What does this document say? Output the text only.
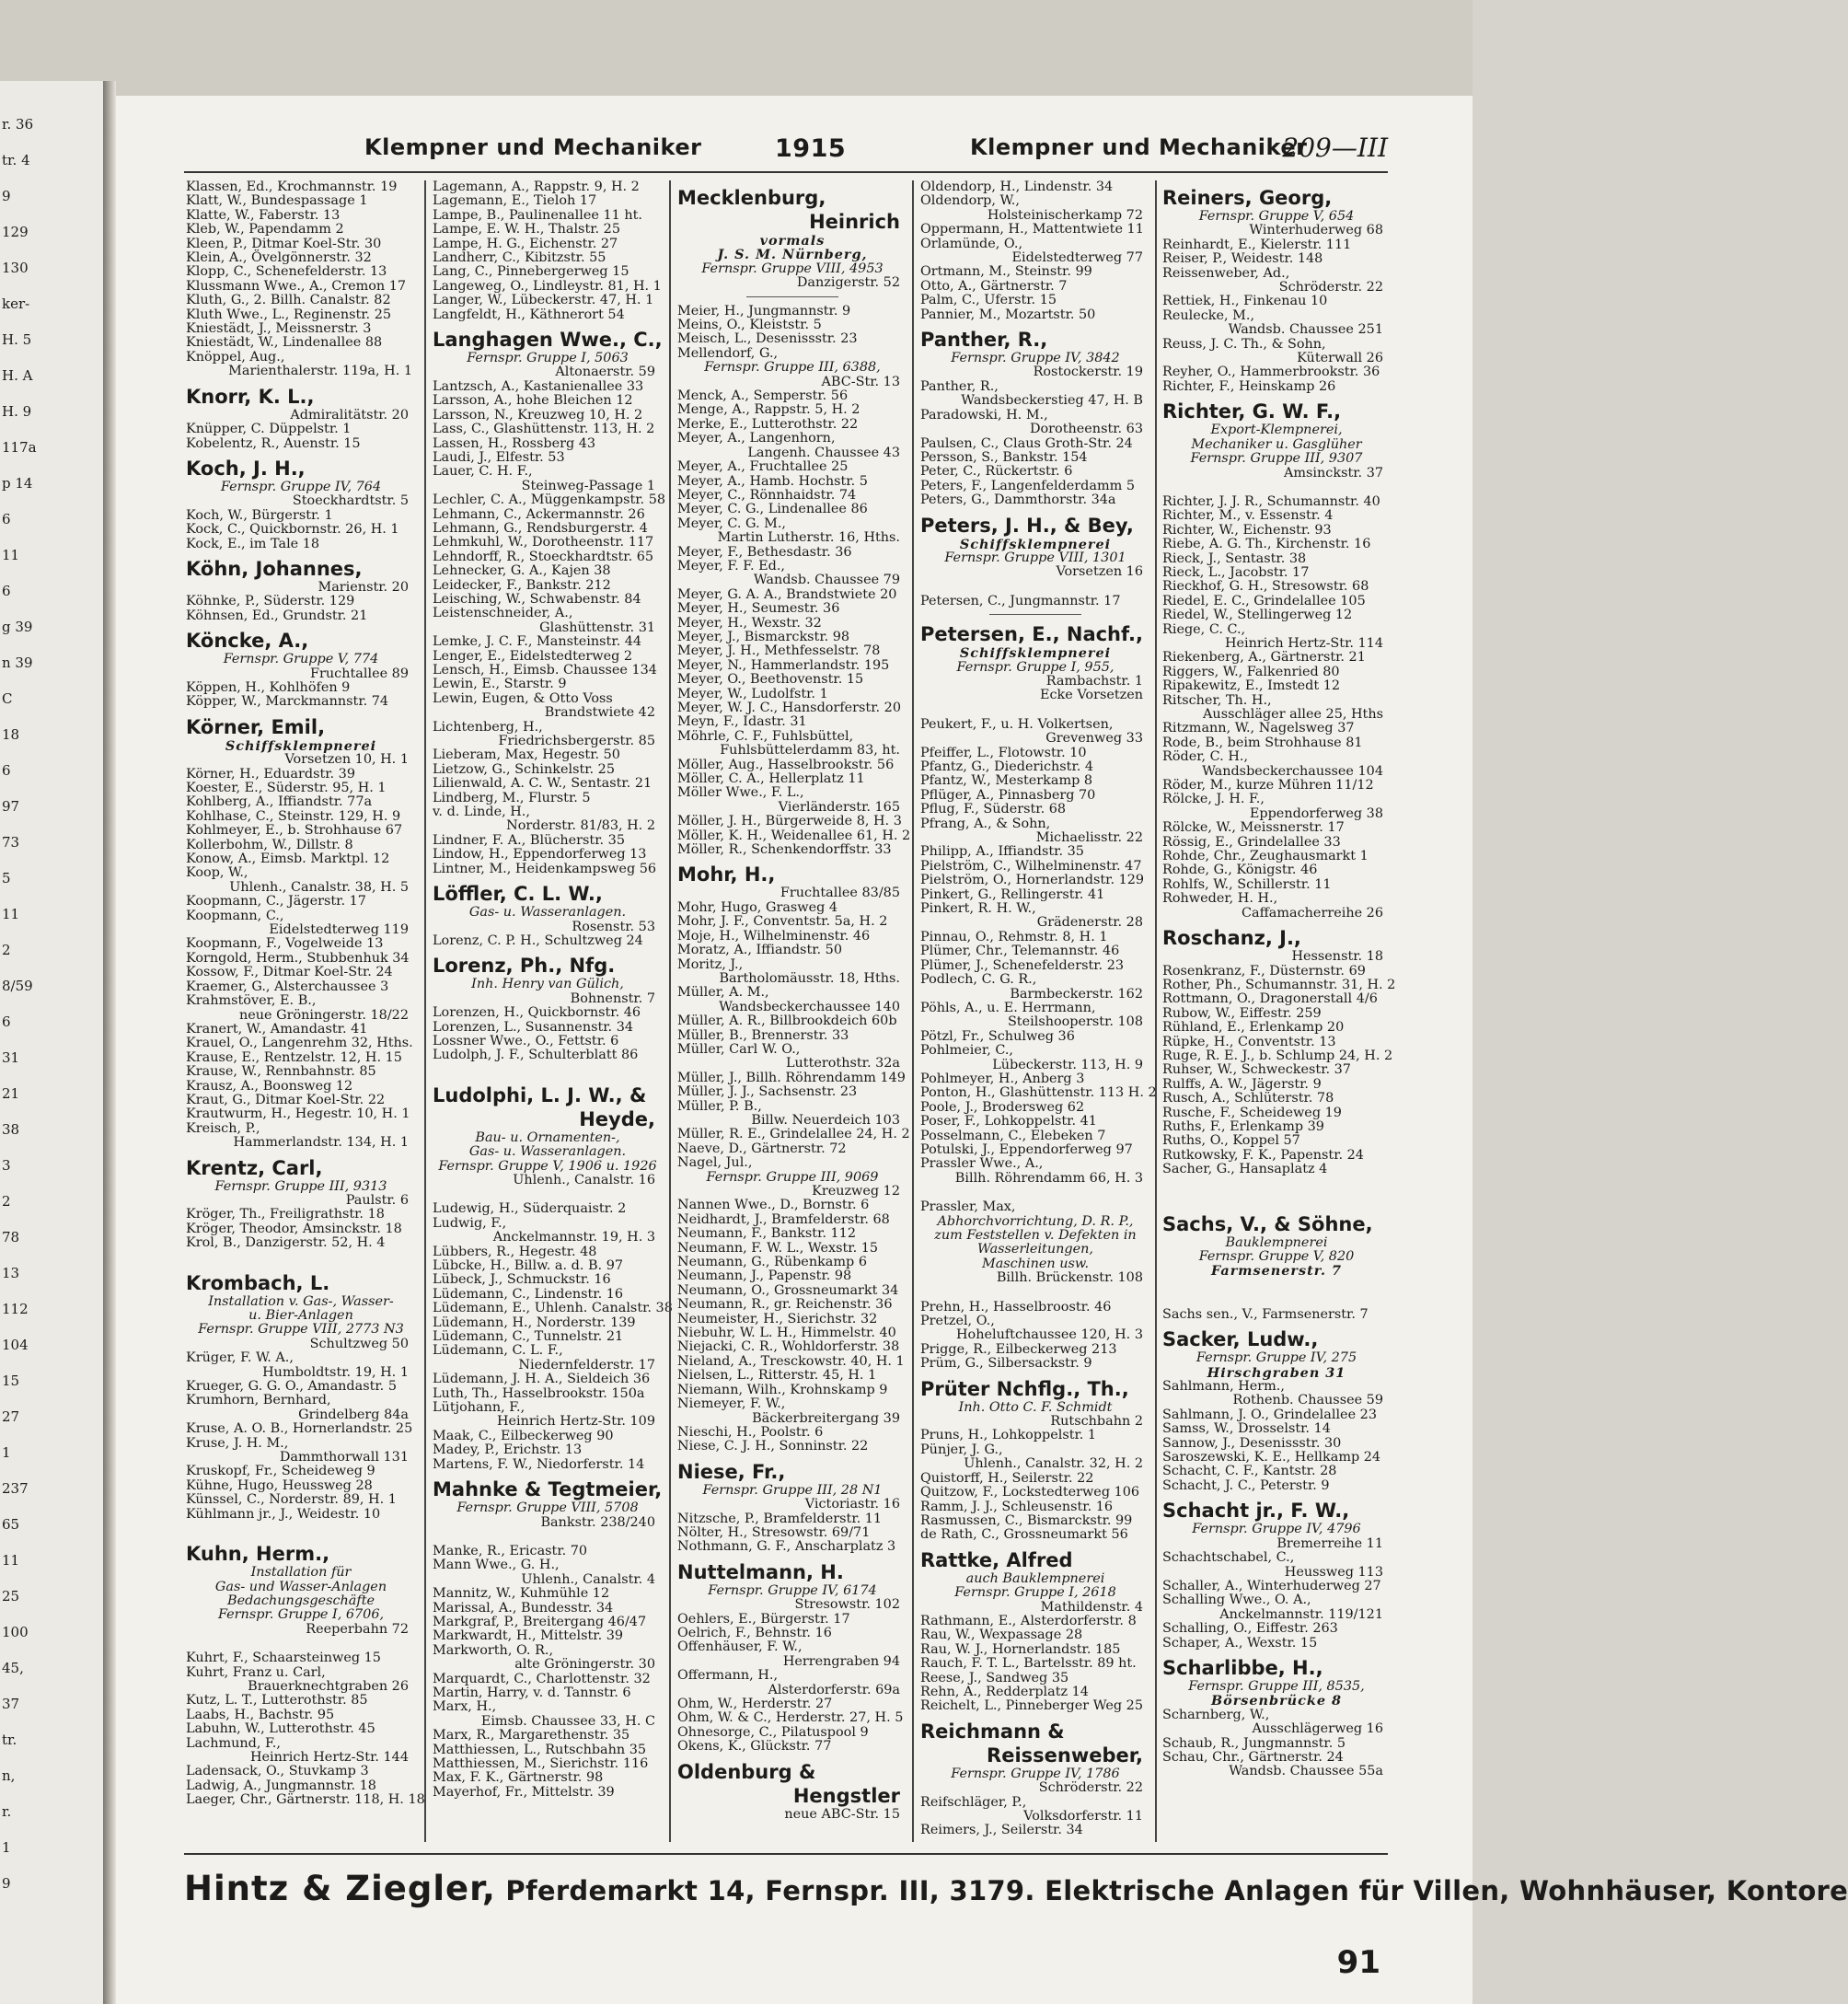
r. 36
tr. 4
9
129
130
ker-
H. 5
H. A
H. 9
117a
p 14
6
11
6
g 39
n 39
C
18
6
97
73
5
11
2
8/59
6
31
21
38
3
2
78
13
112
104
15
27
1
237
65
11
25
100
45,
37
tr.
n,
r.
1
9
Klempner und Mechaniker	1915	Klempner und Mechaniker
209—III
Klassen, Ed., Krochmannstr. 19
Klatt, W., Bundespassage 1
Klatte, W., Faberstr. 13
Kleb, W., Papendamm 2
Kleen, P., Ditmar Koel-Str. 30
Klein, A., Övelgönnerstr. 32
Klopp, C., Schenefelderstr. 13
Klussmann Wwe., A., Cremon 17
Kluth, G., 2. Billh. Canalstr. 82
Kluth Wwe., L., Reginenstr. 25
Kniestädt, J., Meissnerstr. 3
Kniestädt, W., Lindenallee 88
Knöppel, Aug.,
Marienthalerstr. 119a, H. 1
Knorr, K. L.,
Admiralitätstr. 20
Knüpper, C. Düppelstr. 1
Kobelentz, R., Auenstr. 15
Koch, J. H.,
Fernspr. Gruppe IV, 764
Stoeckhardtstr. 5
Koch, W., Bürgerstr. 1
Kock, C., Quickbornstr. 26, H. 1
Kock, E., im Tale 18
Köhn, Johannes,
Marienstr. 20
Köhnke, P., Süderstr. 129
Köhnsen, Ed., Grundstr. 21
Köncke, A.,
Fernspr. Gruppe V, 774
Fruchtallee 89
Köppen, H., Kohlhöfen 9
Köpper, W., Marckmannstr. 74
Körner, Emil,
Schiffsklempnerei
Vorsetzen 10, H. 1
Körner, H., Eduardstr. 39
Koester, E., Süderstr. 95, H. 1
Kohlberg, A., Iffiandstr. 77a
Kohlhase, C., Steinstr. 129, H. 9
Kohlmeyer, E., b. Strohhause 67
Kollerbohm, W., Dillstr. 8
Konow, A., Eimsb. Marktpl. 12
Koop, W.,
Uhlenh., Canalstr. 38, H. 5
Koopmann, C., Jägerstr. 17
Koopmann, C.,
Eidelstedterweg 119
Koopmann, F., Vogelweide 13
Korngold, Herm., Stubbenhuk 34
Kossow, F., Ditmar Koel-Str. 24
Kraemer, G., Alsterchaussee 3
Krahmstöver, E. B.,
neue Gröningerstr. 18/22
Kranert, W., Amandastr. 41
Krauel, O., Langenrehm 32, Hths.
Krause, E., Rentzelstr. 12, H. 15
Krause, W., Rennbahnstr. 85
Krausz, A., Boonsweg 12
Kraut, G., Ditmar Koel-Str. 22
Krautwurm, H., Hegestr. 10, H. 1
Kreisch, P.,
Hammerlandstr. 134, H. 1
Krentz, Carl,
Fernspr. Gruppe III, 9313
Paulstr. 6
Kröger, Th., Freiligrathstr. 18
Kröger, Theodor, Amsinckstr. 18
Krol, B., Danzigerstr. 52, H. 4
Krombach, L.
Installation v. Gas-, Wasser-
u. Bier-Anlagen
Fernspr. Gruppe VIII, 2773 N3
Schultzweg 50
Krüger, F. W. A.,
Humboldtstr. 19, H. 1
Krueger, G. G. O., Amandastr. 5
Krumhorn, Bernhard,
Grindelberg 84a
Kruse, A. O. B., Hornerlandstr. 25
Kruse, J. H. M.,
Dammthorwall 131
Kruskopf, Fr., Scheideweg 9
Kühne, Hugo, Heussweg 28
Künssel, C., Norderstr. 89, H. 1
Kühlmann jr., J., Weidestr. 10
Kuhn, Herm.,
Installation für
Gas- und Wasser-Anlagen
Bedachungsgeschäfte
Fernspr. Gruppe I, 6706,
Reeperbahn 72
Kuhrt, F., Schaarsteinweg 15
Kuhrt, Franz u. Carl,
Brauerknechtgraben 26
Kutz, L. T., Lutterothstr. 85
Laabs, H., Bachstr. 95
Labuhn, W., Lutterothstr. 45
Lachmund, F.,
Heinrich Hertz-Str. 144
Ladensack, O., Stuvkamp 3
Ladwig, A., Jungmannstr. 18
Laeger, Chr., Gärtnerstr. 118, H. 18
Lagemann, A., Rappstr. 9, H. 2
Lagemann, E., Tieloh 17
Lampe, B., Paulinenallee 11 ht.
Lampe, E. W. H., Thalstr. 25
Lampe, H. G., Eichenstr. 27
Landherr, C., Kibitzstr. 55
Lang, C., Pinnebergerweg 15
Langeweg, O., Lindleystr. 81, H. 1
Langer, W., Lübeckerstr. 47, H. 1
Langfeldt, H., Käthnerort 54
Langhagen Wwe., C.,
Fernspr. Gruppe I, 5063
Altonaerstr. 59
Lantzsch, A., Kastanienallee 33
Larsson, A., hohe Bleichen 12
Larsson, N., Kreuzweg 10, H. 2
Lass, C., Glashüttenstr. 113, H. 2
Lassen, H., Rossberg 43
Laudi, J., Elfestr. 53
Lauer, C. H. F.,
Steinweg-Passage 1
Lechler, C. A., Müggenkampstr. 58
Lehmann, C., Ackermannstr. 26
Lehmann, G., Rendsburgerstr. 4
Lehmkuhl, W., Dorotheenstr. 117
Lehndorff, R., Stoeckhardtstr. 65
Lehnecker, G. A., Kajen 38
Leidecker, F., Bankstr. 212
Leisching, W., Schwabenstr. 84
Leistenschneider, A.,
Glashüttenstr. 31
Lemke, J. C. F., Mansteinstr. 44
Lenger, E., Eidelstedterweg 2
Lensch, H., Eimsb. Chaussee 134
Lewin, E., Starstr. 9
Lewin, Eugen, & Otto Voss
Brandstwiete 42
Lichtenberg, H.,
Friedrichsbergerstr. 85
Lieberam, Max, Hegestr. 50
Lietzow, G., Schinkelstr. 25
Lilienwald, A. C. W., Sentastr. 21
Lindberg, M., Flurstr. 5
v. d. Linde, H.,
Norderstr. 81/83, H. 2
Lindner, F. A., Blücherstr. 35
Lindow, H., Eppendorferweg 13
Lintner, M., Heidenkampsweg 56
Löffler, C. L. W.,
Gas- u. Wasseranlagen.
Rosenstr. 53
Lorenz, C. P. H., Schultzweg 24
Lorenz, Ph., Nfg.
Inh. Henry van Gülich,
Bohnenstr. 7
Lorenzen, H., Quickbornstr. 46
Lorenzen, L., Susannenstr. 34
Lossner Wwe., O., Fettstr. 6
Ludolph, J. F., Schulterblatt 86
Ludolphi, L. J. W., &
Heyde,
Bau- u. Ornamenten-,
Gas- u. Wasseranlagen.
Fernspr. Gruppe V, 1906 u. 1926
Uhlenh., Canalstr. 16
Ludewig, H., Süderquaistr. 2
Ludwig, F.,
Anckelmannstr. 19, H. 3
Lübbers, R., Hegestr. 48
Lübcke, H., Billw. a. d. B. 97
Lübeck, J., Schmuckstr. 16
Lüdemann, C., Lindenstr. 16
Lüdemann, E., Uhlenh. Canalstr. 38
Lüdemann, H., Norderstr. 139
Lüdemann, C., Tunnelstr. 21
Lüdemann, C. L. F.,
Niedernfelderstr. 17
Lüdemann, J. H. A., Sieldeich 36
Luth, Th., Hasselbrookstr. 150a
Lütjohann, F.,
Heinrich Hertz-Str. 109
Maak, C., Eilbeckerweg 90
Madey, P., Erichstr. 13
Martens, F. W., Niedorferstr. 14
Mahnke & Tegtmeier,
Fernspr. Gruppe VIII, 5708
Bankstr. 238/240
Manke, R., Ericastr. 70
Mann Wwe., G. H.,
Uhlenh., Canalstr. 4
Mannitz, W., Kuhmühle 12
Marissal, A., Bundesstr. 34
Markgraf, P., Breitergang 46/47
Markwardt, H., Mittelstr. 39
Markworth, O. R.,
alte Gröningerstr. 30
Marquardt, C., Charlottenstr. 32
Martin, Harry, v. d. Tannstr. 6
Marx, H.,
Eimsb. Chaussee 33, H. C
Marx, R., Margarethenstr. 35
Matthiessen, L., Rutschbahn 35
Matthiessen, M., Sierichstr. 116
Max, F. K., Gärtnerstr. 98
Mayerhof, Fr., Mittelstr. 39
Mecklenburg,
Heinrich
vormals
J. S. M. Nürnberg,
Fernspr. Gruppe VIII, 4953
Danzigerstr. 52
Meier, H., Jungmannstr. 9
Meins, O., Kleiststr. 5
Meisch, L., Desenissstr. 23
Mellendorf, G.,
Fernspr. Gruppe III, 6388,
ABC-Str. 13
Menck, A., Semperstr. 56
Menge, A., Rappstr. 5, H. 2
Merke, E., Lutterothstr. 22
Meyer, A., Langenhorn,
Langenh. Chaussee 43
Meyer, A., Fruchtallee 25
Meyer, A., Hamb. Hochstr. 5
Meyer, C., Rönnhaidstr. 74
Meyer, C. G., Lindenallee 86
Meyer, C. G. M.,
Martin Lutherstr. 16, Hths.
Meyer, F., Bethesdastr. 36
Meyer, F. F. Ed.,
Wandsb. Chaussee 79
Meyer, G. A. A., Brandstwiete 20
Meyer, H., Seumestr. 36
Meyer, H., Wexstr. 32
Meyer, J., Bismarckstr. 98
Meyer, J. H., Methfesselstr. 78
Meyer, N., Hammerlandstr. 195
Meyer, O., Beethovenstr. 15
Meyer, W., Ludolfstr. 1
Meyer, W. J. C., Hansdorferstr. 20
Meyn, F., Idastr. 31
Möhrle, C. F., Fuhlsbüttel,
Fuhlsbüttelerdamm 83, ht.
Möller, Aug., Hasselbrookstr. 56
Möller, C. A., Hellerplatz 11
Möller Wwe., F. L.,
Vierländerstr. 165
Möller, J. H., Bürgerweide 8, H. 3
Möller, K. H., Weidenallee 61, H. 2
Möller, R., Schenkendorffstr. 33
Mohr, H.,
Fruchtallee 83/85
Mohr, Hugo, Grasweg 4
Mohr, J. F., Conventstr. 5a, H. 2
Moje, H., Wilhelminenstr. 46
Moratz, A., Iffiandstr. 50
Moritz, J.,
Bartholomäusstr. 18, Hths.
Müller, A. M.,
Wandsbeckerchaussee 140
Müller, A. R., Billbrookdeich 60b
Müller, B., Brennerstr. 33
Müller, Carl W. O.,
Lutterothstr. 32a
Müller, J., Billh. Röhrendamm 149
Müller, J. J., Sachsenstr. 23
Müller, P. B.,
Billw. Neuerdeich 103
Müller, R. E., Grindelallee 24, H. 2
Naeve, D., Gärtnerstr. 72
Nagel, Jul.,
Fernspr. Gruppe III, 9069
Kreuzweg 12
Nannen Wwe., D., Bornstr. 6
Neidhardt, J., Bramfelderstr. 68
Neumann, F., Bankstr. 112
Neumann, F. W. L., Wexstr. 15
Neumann, G., Rübenkamp 6
Neumann, J., Papenstr. 98
Neumann, O., Grossneumarkt 34
Neumann, R., gr. Reichenstr. 36
Neumeister, H., Sierichstr. 32
Niebuhr, W. L. H., Himmelstr. 40
Niejacki, C. R., Wohldorferstr. 38
Nieland, A., Tresckowstr. 40, H. 1
Nielsen, L., Ritterstr. 45, H. 1
Niemann, Wilh., Krohnskamp 9
Niemeyer, F. W.,
Bäckerbreitergang 39
Nieschi, H., Poolstr. 6
Niese, C. J. H., Sonninstr. 22
Niese, Fr.,
Fernspr. Gruppe III, 28 N1
Victoriastr. 16
Nitzsche, P., Bramfelderstr. 11
Nölter, H., Stresowstr. 69/71
Nothmann, G. F., Anscharplatz 3
Nuttelmann, H.
Fernspr. Gruppe IV, 6174
Stresowstr. 102
Oehlers, E., Bürgerstr. 17
Oelrich, F., Behnstr. 16
Offenhäuser, F. W.,
Herrengraben 94
Offermann, H.,
Alsterdorferstr. 69a
Ohm, W., Herderstr. 27
Ohm, W. & C., Herderstr. 27, H. 5
Ohnesorge, C., Pilatuspool 9
Okens, K., Glückstr. 77
Oldenburg &
Hengstler
neue ABC-Str. 15
Oldendorp, H., Lindenstr. 34
Oldendorp, W.,
Holsteinischerkamp 72
Oppermann, H., Mattentwiete 11
Orlamünde, O.,
Eidelstedterweg 77
Ortmann, M., Steinstr. 99
Otto, A., Gärtnerstr. 7
Palm, C., Uferstr. 15
Pannier, M., Mozartstr. 50
Panther, R.,
Fernspr. Gruppe IV, 3842
Rostockerstr. 19
Panther, R.,
Wandsbeckerstieg 47, H. B
Paradowski, H. M.,
Dorotheenstr. 63
Paulsen, C., Claus Groth-Str. 24
Persson, S., Bankstr. 154
Peter, C., Rückertstr. 6
Peters, F., Langenfelderdamm 5
Peters, G., Dammthorstr. 34a
Peters, J. H., & Bey,
Schiffsklempnerei
Fernspr. Gruppe VIII, 1301
Vorsetzen 16
Petersen, C., Jungmannstr. 17
Petersen, E., Nachf.,
Schiffsklempnerei
Fernspr. Gruppe I, 955,
Rambachstr. 1
Ecke Vorsetzen
Peukert, F., u. H. Volkertsen,
Grevenweg 33
Pfeiffer, L., Flotowstr. 10
Pfantz, G., Diederichstr. 4
Pfantz, W., Mesterkamp 8
Pflüger, A., Pinnasberg 70
Pflug, F., Süderstr. 68
Pfrang, A., & Sohn,
Michaelisstr. 22
Philipp, A., Iffiandstr. 35
Pielström, C., Wilhelminenstr. 47
Pielström, O., Hornerlandstr. 129
Pinkert, G., Rellingerstr. 41
Pinkert, R. H. W.,
Grädenerstr. 28
Pinnau, O., Rehmstr. 8, H. 1
Plümer, Chr., Telemannstr. 46
Plümer, J., Schenefelderstr. 23
Podlech, C. G. R.,
Barmbeckerstr. 162
Pöhls, A., u. E. Herrmann,
Steilshooperstr. 108
Pötzl, Fr., Schulweg 36
Pohlmeier, C.,
Lübeckerstr. 113, H. 9
Pohlmeyer, H., Anberg 3
Ponton, H., Glashüttenstr. 113 H. 2
Poole, J., Brodersweg 62
Poser, F., Lohkoppelstr. 41
Posselmann, C., Elebeken 7
Potulski, J., Eppendorferweg 97
Prassler Wwe., A.,
Billh. Röhrendamm 66, H. 3
Prassler, Max,
Abhorchvorrichtung, D. R. P.,
zum Feststellen v. Defekten in
Wasserleitungen,
Maschinen usw.
Billh. Brückenstr. 108
Prehn, H., Hasselbroostr. 46
Pretzel, O.,
Hoheluftchaussee 120, H. 3
Prigge, R., Eilbeckerweg 213
Prüm, G., Silbersackstr. 9
Prüter Nchflg., Th.,
Inh. Otto C. F. Schmidt
Rutschbahn 2
Pruns, H., Lohkoppelstr. 1
Pünjer, J. G.,
Uhlenh., Canalstr. 32, H. 2
Quistorff, H., Seilerstr. 22
Quitzow, F., Lockstedterweg 106
Ramm, J. J., Schleusenstr. 16
Rasmussen, C., Bismarckstr. 99
de Rath, C., Grossneumarkt 56
Rattke, Alfred
auch Bauklempnerei
Fernspr. Gruppe I, 2618
Mathildenstr. 4
Rathmann, E., Alsterdorferstr. 8
Rau, W., Wexpassage 28
Rau, W. J., Hornerlandstr. 185
Rauch, F. T. L., Bartelsstr. 89 ht.
Reese, J., Sandweg 35
Rehn, A., Redderplatz 14
Reichelt, L., Pinneberger Weg 25
Reichmann &
Reissenweber,
Fernspr. Gruppe IV, 1786
Schröderstr. 22
Reifschläger, P.,
Volksdorferstr. 11
Reimers, J., Seilerstr. 34
Reiners, Georg,
Fernspr. Gruppe V, 654
Winterhuderweg 68
Reinhardt, E., Kielerstr. 111
Reiser, P., Weidestr. 148
Reissenweber, Ad.,
Schröderstr. 22
Rettiek, H., Finkenau 10
Reulecke, M.,
Wandsb. Chaussee 251
Reuss, J. C. Th., & Sohn,
Küterwall 26
Reyher, O., Hammerbrookstr. 36
Richter, F., Heinskamp 26
Richter, G. W. F.,
Export-Klempnerei,
Mechaniker u. Gasglüher
Fernspr. Gruppe III, 9307
Amsinckstr. 37
Richter, J. J. R., Schumannstr. 40
Richter, M., v. Essenstr. 4
Richter, W., Eichenstr. 93
Riebe, A. G. Th., Kirchenstr. 16
Rieck, J., Sentastr. 38
Rieck, L., Jacobstr. 17
Rieckhof, G. H., Stresowstr. 68
Riedel, E. C., Grindelallee 105
Riedel, W., Stellingerweg 12
Riege, C. C.,
Heinrich Hertz-Str. 114
Riekenberg, A., Gärtnerstr. 21
Riggers, W., Falkenried 80
Ripakewitz, E., Imstedt 12
Ritscher, Th. H.,
Ausschläger allee 25, Hths
Ritzmann, W., Nagelsweg 37
Rode, B., beim Strohhause 81
Röder, C. H.,
Wandsbeckerchaussee 104
Röder, M., kurze Mühren 11/12
Rölcke, J. H. F.,
Eppendorferweg 38
Rölcke, W., Meissnerstr. 17
Rössig, E., Grindelallee 33
Rohde, Chr., Zeughausmarkt 1
Rohde, G., Königstr. 46
Rohlfs, W., Schillerstr. 11
Rohweder, H. H.,
Caffamacherreihe 26
Roschanz, J.,
Hessenstr. 18
Rosenkranz, F., Düsternstr. 69
Rother, Ph., Schumannstr. 31, H. 2
Rottmann, O., Dragonerstall 4/6
Rubow, W., Eiffestr. 259
Rühland, E., Erlenkamp 20
Rüpke, H., Conventstr. 13
Ruge, R. E. J., b. Schlump 24, H. 2
Ruhser, W., Schweckestr. 37
Rulffs, A. W., Jägerstr. 9
Rusch, A., Schlüterstr. 78
Rusche, F., Scheideweg 19
Ruths, F., Erlenkamp 39
Ruths, O., Koppel 57
Rutkowsky, F. K., Papenstr. 24
Sacher, G., Hansaplatz 4
Sachs, V., & Söhne,
Bauklempnerei
Fernspr. Gruppe V, 820
Farmsenerstr. 7
Sachs sen., V., Farmsenerstr. 7
Sacker, Ludw.,
Fernspr. Gruppe IV, 275
Hirschgraben 31
Sahlmann, Herm.,
Rothenb. Chaussee 59
Sahlmann, J. O., Grindelallee 23
Samss, W., Drosselstr. 14
Sannow, J., Desenissstr. 30
Saroszewski, K. E., Hellkamp 24
Schacht, C. F., Kantstr. 28
Schacht, J. C., Peterstr. 9
Schacht jr., F. W.,
Fernspr. Gruppe IV, 4796
Bremerreihe 11
Schachtschabel, C.,
Heussweg 113
Schaller, A., Winterhuderweg 27
Schalling Wwe., O. A.,
Anckelmannstr. 119/121
Schalling, O., Eiffestr. 263
Schaper, A., Wexstr. 15
Scharlibbe, H.,
Fernspr. Gruppe III, 8535,
Börsenbrücke 8
Scharnberg, W.,
Ausschlägerweg 16
Schaub, R., Jungmannstr. 5
Schau, Chr., Gärtnerstr. 24
Wandsb. Chaussee 55a
Hintz & Ziegler, Pferdemarkt 14, Fernspr. III, 3179. Elektrische Anlagen für Villen, Wohnhäuser, Kontore
91
